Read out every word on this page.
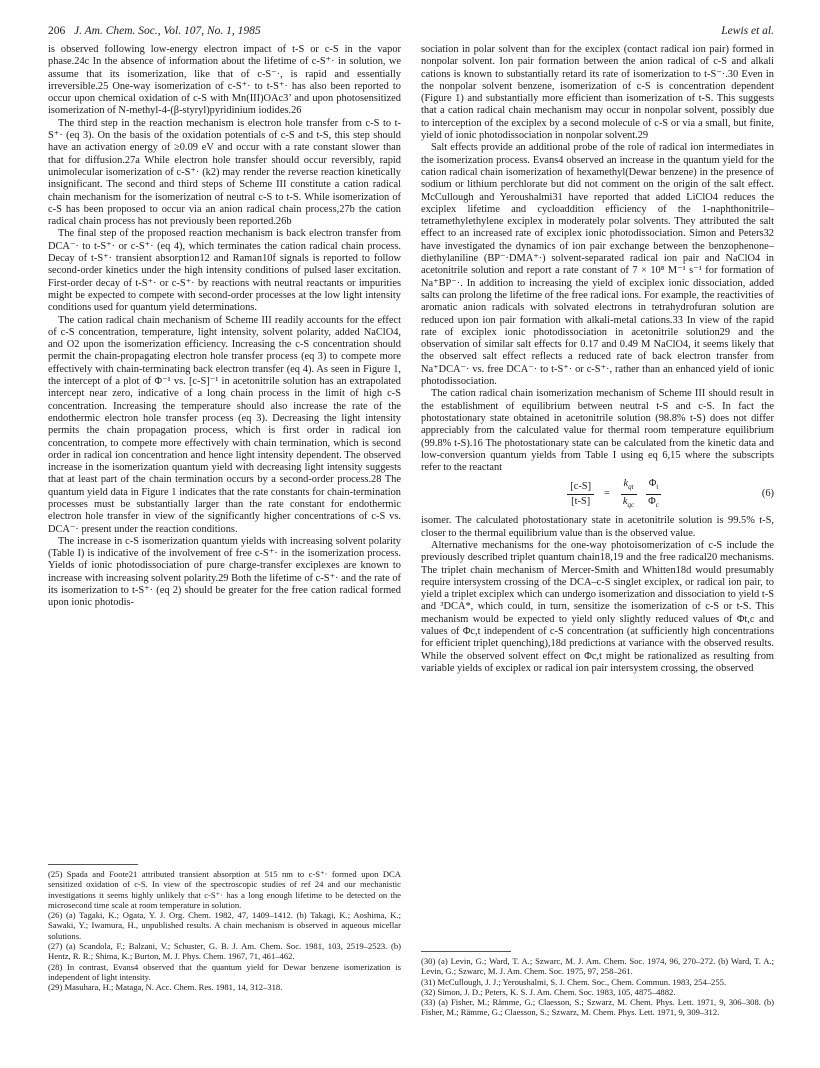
206 J. Am. Chem. Soc., Vol. 107, No. 1, 1985	Lewis et al.

is observed following low-energy electron impact of t-S or c-S in the vapor phase.24c In the absence of information about the lifetime of c-S⁺· in solution, we assume that its isomerization, like that of c-S⁻·, is rapid and essentially irreversible.25 One-way isomerization of c-S⁺· to t-S⁺· has also been reported to occur upon chemical oxidation of c-S with Mn(III)OAc3’ and upon photosensitized isomerization of N-methyl-4-(β-styryl)pyridinium iodides.26

The third step in the reaction mechanism is electron hole transfer from c-S to t-S⁺· (eq 3). On the basis of the oxidation potentials of c-S and t-S, this step should have an activation energy of ≥0.09 eV and occur with a rate constant slower than that for diffusion.27a While electron hole transfer should occur reversibly, rapid unimolecular isomerization of c-S⁺· (k2) may render the reverse reaction kinetically insignificant. The second and third steps of Scheme III constitute a cation radical chain mechanism for the isomerization of neutral c-S to t-S. While isomerization of c-S has been proposed to occur via an anion radical chain process,27b the cation radical chain process has not previously been reported.26b

The final step of the proposed reaction mechanism is back electron transfer from DCA⁻· to t-S⁺· or c-S⁺· (eq 4), which terminates the cation radical chain process. Decay of t-S⁺· transient absorption12 and Raman10f signals is reported to follow second-order kinetics under the high intensity conditions of pulsed laser excitation. First-order decay of t-S⁺· or c-S⁺· by reactions with neutral reactants or impurities might be expected to compete with second-order processes at the low light intensity conditions used for quantum yield determinations.

The cation radical chain mechanism of Scheme III readily accounts for the effect of c-S concentration, temperature, light intensity, solvent polarity, added NaClO4, and O2 upon the isomerization efficiency. Increasing the c-S concentration should permit the chain-propagating electron hole transfer process (eq 3) to compete more effectively with chain-terminating back electron transfer (eq 4). As seen in Figure 1, the intercept of a plot of Φ⁻¹ vs. [c-S]⁻¹ in acetonitrile solution has an extrapolated intercept near zero, indicative of a long chain process in the limit of high c-S concentration. Increasing the temperature should also increase the rate of the endothermic electron hole transfer process (eq 3). Decreasing the light intensity permits the chain propagation process, which is first order in radical ion concentration, to compete more effectively with chain termination, which is second order in radical ion concentration and hence light intensity dependent. The observed increase in the isomerization quantum yield with decreasing light intensity suggests that at least part of the chain termination occurs by a second-order process.28 The quantum yield data in Figure 1 indicates that the rate constants for chain-termination processes must be substantially larger than the rate constant for endothermic electron hole transfer in view of the significantly higher concentrations of c-S vs. DCA⁻· present under the reaction conditions.

The increase in c-S isomerization quantum yields with increasing solvent polarity (Table I) is indicative of the involvement of free c-S⁺· in the isomerization process. Yields of ionic photodissociation of pure charge-transfer exciplexes are known to increase with increasing solvent polarity.29 Both the lifetime of c-S⁺· and the rate of its isomerization to t-S⁺· (eq 2) should be greater for the free cation radical formed upon ionic photodis-

sociation in polar solvent than for the exciplex (contact radical ion pair) formed in nonpolar solvent. Ion pair formation between the anion radical of c-S and alkali cations is known to substantially retard its rate of isomerization to t-S⁻·.30 Even in the nonpolar solvent benzene, isomerization of c-S is concentration dependent (Figure 1) and substantially more efficient than isomerization of t-S. This suggests that a cation radical chain mechanism may occur in nonpolar solvent, possibly due to interception of the exciplex by a second molecule of c-S or via a small, but finite, yield of ionic photodissociation in nonpolar solvent.29

Salt effects provide an additional probe of the role of radical ion intermediates in the isomerization process. Evans4 observed an increase in the quantum yield for the cation radical chain isomerization of hexamethyl(Dewar benzene) in the presence of sodium or lithium perchlorate but did not comment on the origin of the salt effect. McCullough and Yeroushalmi31 have reported that added LiClO4 reduces the exciplex lifetime and cycloaddition efficiency of the 1-naphthonitrile–tetramethylethylene exciplex in moderately polar solvents. They attributed the salt effect to an increased rate of exciplex ionic photodissociation. Simon and Peters32 have investigated the dynamics of ion pair exchange between the benzophenone–diethylaniline (BP⁻·DMA⁺·) solvent-separated radical ion pair and NaClO4 in acetonitrile solution and report a rate constant of 7 × 10⁸ M⁻¹ s⁻¹ for formation of Na⁺BP⁻·. In addition to increasing the yield of exciplex ionic dissociation, added salts can prolong the lifetime of the free radical ions. For example, the reactivities of aromatic anion radicals with solvated electrons in tetrahydrofuran solution are reduced upon ion pair formation with alkali-metal cations.33 In view of the rapid rate of exciplex ionic photodissociation in acetonitrile solution29 and the observation of similar salt effects for 0.17 and 0.49 M NaClO4, it seems likely that the observed salt effect reflects a reduced rate of back electron transfer from Na⁺DCA⁻· vs. free DCA⁻· to t-S⁺· or c-S⁺·, rather than an enhanced yield of ionic photodissociation.

The cation radical chain isomerization mechanism of Scheme III should result in the establishment of equilibrium between neutral t-S and c-S. In fact the photostationary state obtained in acetonitrile solution (98.8% t-S) does not differ appreciably from the calculated value for thermal room temperature equilibrium (99.8% t-S).16 The photostationary state can be calculated from the kinetic data and low-conversion quantum yields from Table I using eq 6,15 where the subscripts refer to the reactant

$\frac{[c-S]}{[t-S]} = \frac{k_{qt}}{k_{qc}} \frac{\Phi_t}{\Phi_c}$	(6)

isomer. The calculated photostationary state in acetonitrile solution is 99.5% t-S, closer to the thermal equilibrium value than is the observed value.

Alternative mechanisms for the one-way photoisomerization of c-S include the previously described triplet quantum chain18,19 and the free radical20 mechanisms. The triplet chain mechanism of Mercer-Smith and Whitten18d would presumably require intersystem crossing of the DCA–c-S singlet exciplex, or radical ion pair, to yield a triplet exciplex which can undergo isomerization and dissociation to yield t-S and ³DCA*, which could, in turn, sensitize the isomerization of c-S or t-S. This mechanism would be expected to yield only slightly reduced values of Φt,c and values of Φc,t independent of c-S concentration (at sufficiently high concentrations for efficient triplet quenching),18d predictions at variance with the observed results. While the observed solvent effect on Φc,t might be rationalized as resulting from variable yields of exciplex or radical ion pair intersystem crossing, the observed

(25) Spada and Foote21 attributed transient absorption at 515 nm to c-S⁺· formed upon DCA sensitized oxidation of c-S. In view of the spectroscopic studies of ref 24 and our mechanistic investigations it seems highly unlikely that c-S⁺· has a long enough lifetime to be detected on the microsecond time scale at room temperature in solution.

(26) (a) Tagaki, K.; Ogata, Y. J. Org. Chem. 1982, 47, 1409–1412. (b) Takagi, K.; Aoshima, K.; Sawaki, Y.; Iwamura, H., unpublished results. A chain mechanism is observed in aqueous micellar solutions.

(27) (a) Scandola, F.; Balzani, V.; Schuster, G. B. J. Am. Chem. Soc. 1981, 103, 2519–2523. (b) Hentz, R. R.; Shima, K.; Burton, M. J. Phys. Chem. 1967, 71, 461–462.

(28) In contrast, Evans4 observed that the quantum yield for Dewar benzene isomerization is independent of light intensity.

(29) Masuhara, H.; Mataga, N. Acc. Chem. Res. 1981, 14, 312–318.

(30) (a) Levin, G.; Ward, T. A.; Szwarc, M. J. Am. Chem. Soc. 1974, 96, 270–272. (b) Ward, T. A.; Levin, G.; Szwarc, M. J. Am. Chem. Soc. 1975, 97, 258–261.

(31) McCullough, J. J.; Yeroushalmi, S. J. Chem. Soc., Chem. Commun. 1983, 254–255.

(32) Simon, J. D.; Peters, K. S. J. Am. Chem. Soc. 1983, 105, 4875–4882.

(33) (a) Fisher, M.; Rämme, G.; Claesson, S.; Szwarz, M. Chem. Phys. Lett. 1971, 9, 306–308. (b) Fisher, M.; Rämme, G.; Claesson, S.; Szwarz, M. Chem. Phys. Lett. 1971, 9, 309–312.
